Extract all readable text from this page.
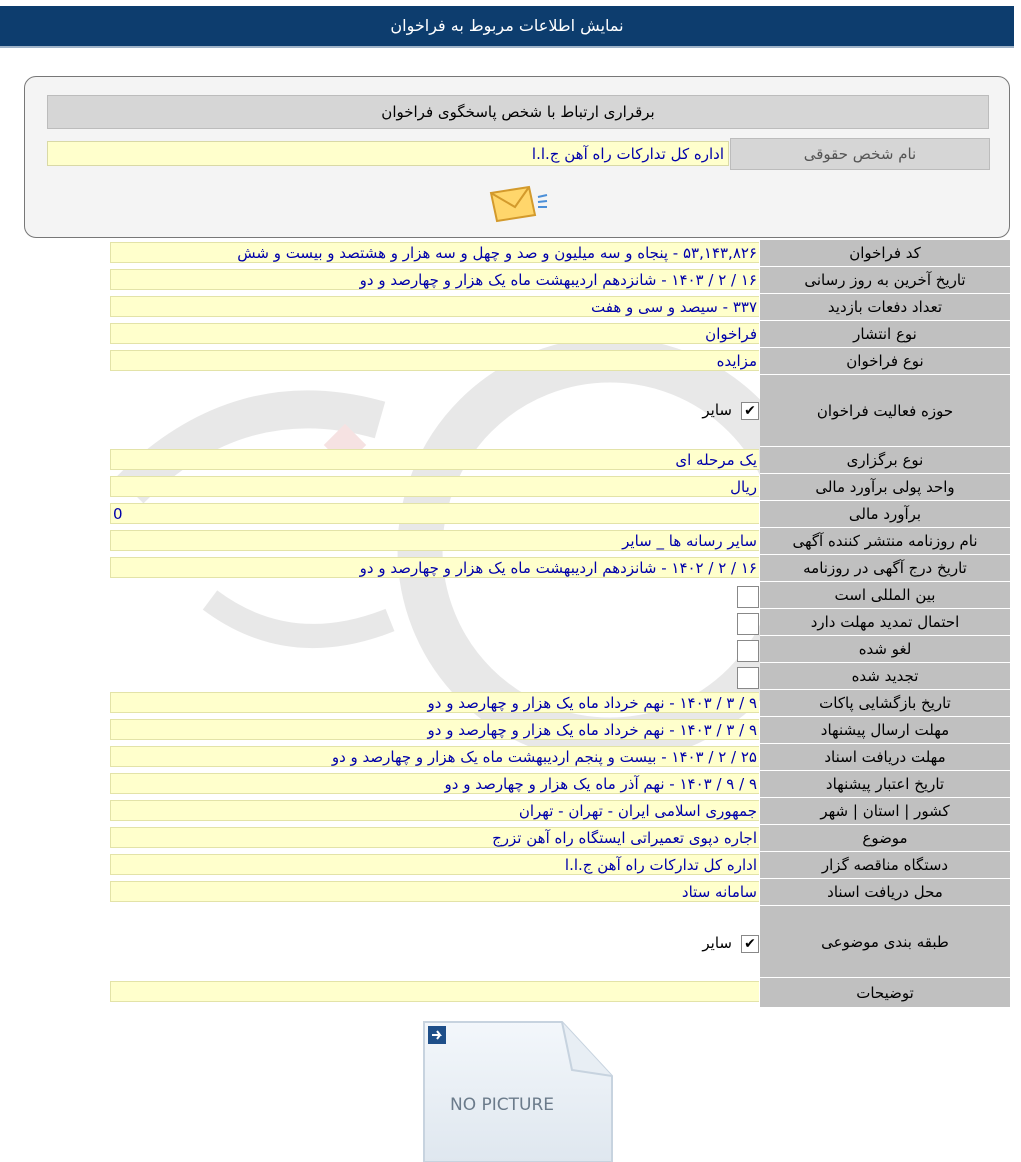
نمایش اطلاعات مربوط به فراخوان
برقراری ارتباط با شخص پاسخگوی فراخوان
نام شخص حقوقی
اداره کل تدارکات راه آهن ج.ا.ا
کد فراخوان
۵۳,۱۴۳,۸۲۶ - پنجاه و سه میلیون و صد و چهل و سه هزار و هشتصد و بیست و شش
تاریخ آخرین به روز رسانی
۱۶ / ۲ / ۱۴۰۳ - شانزدهم اردیبهشت ماه یک هزار و چهارصد و دو
تعداد دفعات بازدید
۳۳۷ - سیصد و سی و هفت
نوع انتشار
فراخوان
نوع فراخوان
مزایده
حوزه فعالیت فراخوان
✔
سایر
نوع برگزاری
یک مرحله ای
واحد پولی برآورد مالی
ریال
برآورد مالی
0
نام روزنامه منتشر کننده آگهی
سایر رسانه ها _ سایر
تاریخ درج آگهی در روزنامه
۱۶ / ۲ / ۱۴۰۲ - شانزدهم اردیبهشت ماه یک هزار و چهارصد و دو
بین المللی است
احتمال تمدید مهلت دارد
لغو شده
تجدید شده
تاریخ بازگشایی پاکات
۹ / ۳ / ۱۴۰۳ - نهم خرداد ماه یک هزار و چهارصد و دو
مهلت ارسال پیشنهاد
۹ / ۳ / ۱۴۰۳ - نهم خرداد ماه یک هزار و چهارصد و دو
مهلت دریافت اسناد
۲۵ / ۲ / ۱۴۰۳ - بیست و پنجم اردیبهشت ماه یک هزار و چهارصد و دو
تاریخ اعتبار پیشنهاد
۹ / ۹ / ۱۴۰۳ - نهم آذر ماه یک هزار و چهارصد و دو
کشور | استان | شهر
جمهوری اسلامی ایران - تهران - تهران
موضوع
اجاره دپوی تعمیراتی ایستگاه راه آهن تزرج
دستگاه مناقصه گزار
اداره کل تدارکات راه آهن ج.ا.ا
محل دریافت اسناد
سامانه ستاد
طبقه بندی موضوعی
✔
سایر
توضیحات
NO PICTURE
